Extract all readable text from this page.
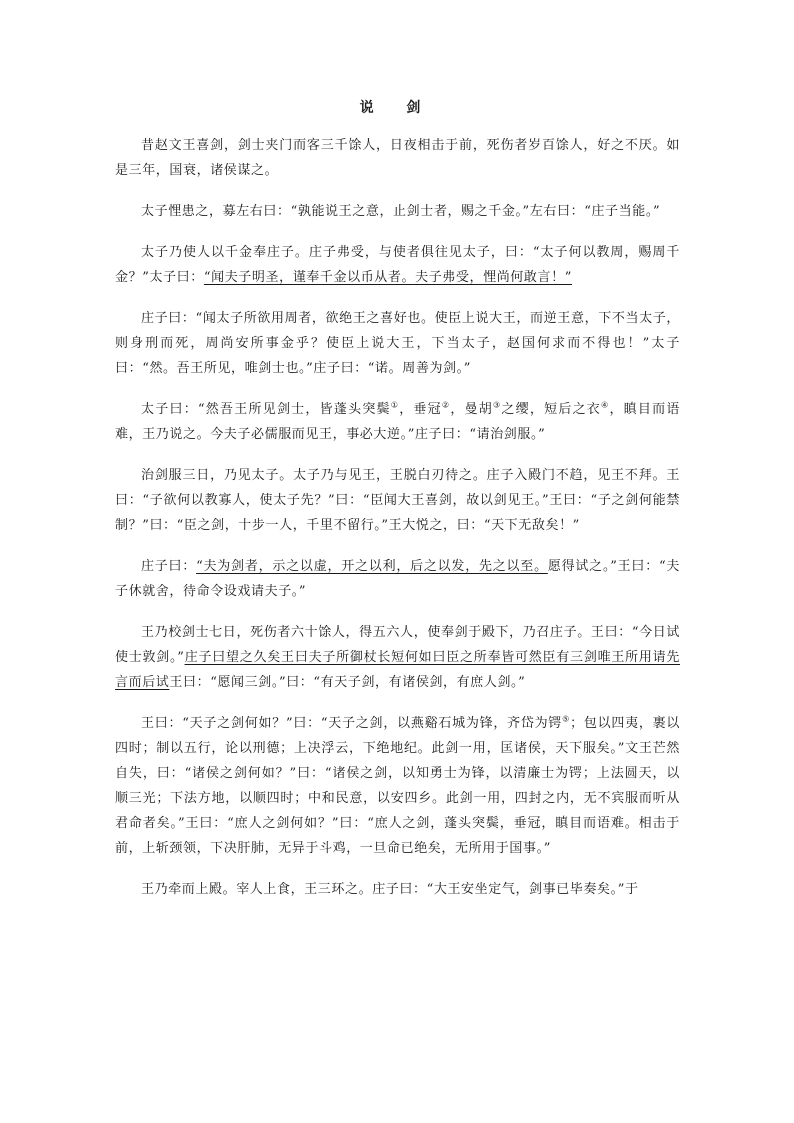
说 剑

昔赵文王喜剑，剑士夹门而客三千馀人，日夜相击于前，死伤者岁百馀人，好之不厌。如是三年，国衰，诸侯谋之。

太子悝患之，募左右曰：“孰能说王之意，止剑士者，赐之千金。”左右曰：“庄子当能。”

太子乃使人以千金奉庄子。庄子弗受，与使者俱往见太子，曰：“太子何以教周，赐周千金？”太子曰：“闻夫子明圣，谨奉千金以币从者。夫子弗受，悝尚何敢言！”

庄子曰：“闻太子所欲用周者，欲绝王之喜好也。使臣上说大王，而逆王意，下不当太子，则身刑而死，周尚安所事金乎？使臣上说大王，下当太子，赵国何求而不得也！”太子曰：“然。吾王所见，唯剑士也。”庄子曰：“诺。周善为剑。”

太子曰：“然吾王所见剑士，皆蓬头突鬓①，垂冠②，曼胡③之缨，短后之衣④，瞋目而语难，王乃说之。今夫子必儒服而见王，事必大逆。”庄子曰：“请治剑服。”

治剑服三日，乃见太子。太子乃与见王，王脱白刃待之。庄子入殿门不趋，见王不拜。王曰：“子欲何以教寡人，使太子先？”曰：“臣闻大王喜剑，故以剑见王。”王曰：“子之剑何能禁制？”曰：“臣之剑，十步一人，千里不留行。”王大悦之，曰：“天下无敌矣！”

庄子曰：“夫为剑者，示之以虚，开之以利，后之以发，先之以至。愿得试之。”王曰：“夫子休就舍，待命令设戏请夫子。”

王乃校剑士七日，死伤者六十馀人，得五六人，使奉剑于殿下，乃召庄子。王曰：“今日试使士敦剑。”庄子曰望之久矣王曰夫子所御杖长短何如曰臣之所奉皆可然臣有三剑唯王所用请先言而后试王曰：“愿闻三剑。”曰：“有天子剑，有诸侯剑，有庶人剑。”

王曰：“天子之剑何如？”曰：“天子之剑，以燕谿石城为锋，齐岱为锷⑤；包以四夷，裹以四时；制以五行，论以刑德；上决浮云，下绝地纪。此剑一用，匡诸侯，天下服矣。”文王芒然自失，曰：“诸侯之剑何如？”曰：“诸侯之剑，以知勇士为锋，以清廉士为锷；上法圆天，以顺三光；下法方地，以顺四时；中和民意，以安四乡。此剑一用，四封之内，无不宾服而听从君命者矣。”王曰：“庶人之剑何如？”曰：“庶人之剑，蓬头突鬓，垂冠，瞋目而语难。相击于前，上斩颈领，下决肝肺，无异于斗鸡，一旦命已绝矣，无所用于国事。”

王乃牵而上殿。宰人上食，王三环之。庄子曰：“大王安坐定气，剑事已毕奏矣。”于
